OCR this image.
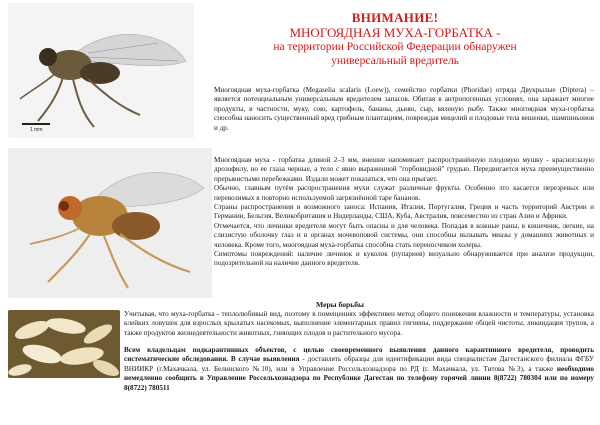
1 mm
ВНИМАНИЕ!
МНОГОЯДНАЯ МУХА-ГОРБАТКА -
на территории Российской Федерации обнаружен
универсальный вредитель

Многоядная муха-горбатка (Megaselia scalaris (Loew)), семейство горбатки (Phoridae) отряда Двукрылые (Diptera) – является потенциальным универсальным вредителем запасов. Обитая в антропогенных условиях, она заражает многие продукты, в частности, муку, сою, картофель, бананы, дыню, сыр, вяленую рыбу. Также многоядная муха-горбатка способна наносить существенный вред грибным плантациям, повреждая мицелий и плодовые тела вешенки, шампиньонов и др.

Многоядная муха - горбатка длиной 2–3 мм, внешне напоминает распространённую плодовую мушку - красноглазую дрозофилу, но ее глаза черные, а тело с явно выраженной "горбовидной" грудью. Передвигается муха преимущественно прерывистыми перебежками. Издали может показаться, что она прыгает.

Обычно, главным путём распространения мухи служат различные фрукты. Особенно это касается перезревых или перевозимых в повторно используемой загрязнённой таре бананов.

Страны распространения и возможного заноса: Испания, Италия, Португалия, Греция и часть территорий Австрии и Германии, Бельгия, Великобритания и Нидерланды, США, Куба, Австралия, повсеместно из стран Азии и Африки.

Отмечается, что личинки вредителя могут быть опасны и для человека. Попадая в кожные раны, в кишечник, легкие, на слизистую оболочку глаз и в органах мочевоповой системы, они способны вызывать миазы у домашних животных и человека. Кроме того, многоядная муха-горбатка способна стать переносчиком холеры.

Симптомы повреждений: наличие личинок и куколок (пупариев) визуально обнаруживается при анализе продукции, подозрительной на наличие данного вредителя.

Меры борьбы

Учитывая, что муха-горбатка - теплолюбивый вид, поэтому в помещениях эффективен метод общего понижения влажности и температуры, установка клейких ловушек для взрослых крылатых насекомых, выполнение элементарных правил гигиены, поддержание общей чистоты, ликвидация трупов, а также продуктов жизнедеятельности животных, гниющих плодов и растительного мусора.

Всем владельцам подкарантинных объектов, с целью своевременного выявления данного карантинного вредителя, проводить систематические обследования. В случае выявления - доставлять образцы для идентификации вида специалистам Дагестанского филиала ФГБУ ВНИИКР (г.Махачкала, ул. Белинского №10), или в Управление Россельхознадзора по РД (г. Махачкала, ул. Титова №3), а также необходимо немедленно сообщить в Управление Россельхознадзора по Республике Дагестан по телефону горячей линии 8(8722) 780304 или по номеру 8(8722) 780511
